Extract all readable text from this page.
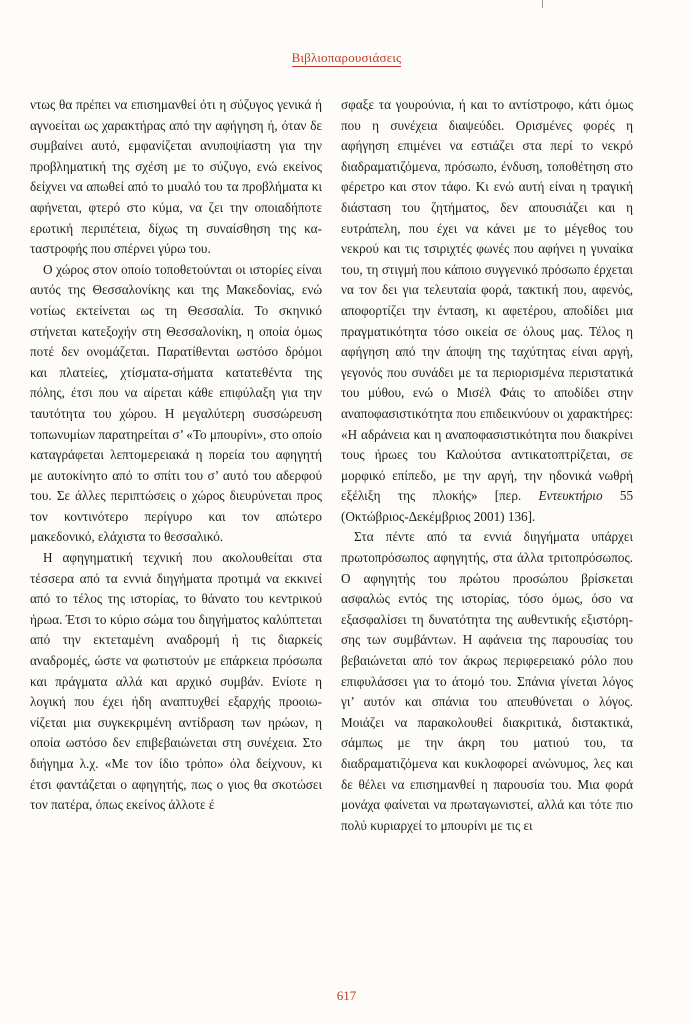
Βιβλιοπαρουσιάσεις

ντως θα πρέπει να επισημανθεί ότι η σύζυγος γενικά ή αγνοείται ως χαρακτήρας από την αφήγηση ή, όταν δε συμβαίνει αυτό, εμφανίζεται ανυποψίαστη για την προβληματική της σχέση με το σύζυγο, ενώ εκείνος δείχνει να απωθεί από το μυαλό του τα προβλήματα κι αφήνεται, φτερό στο κύμα, να ζει την οποιαδήποτε ερωτική περιπέτεια, δίχως τη συναίσθηση της καταστροφής που σπέρνει γύρω του.

Ο χώρος στον οποίο τοποθετούνται οι ιστορίες είναι αυτός της Θεσσαλονίκης και της Μακεδονίας, ενώ νοτίως εκτείνεται ως τη Θεσσαλία. Το σκηνικό στήνεται κατεξοχήν στη Θεσσαλονίκη, η οποία όμως ποτέ δεν ονομάζεται. Παρατίθενται ωστόσο δρόμοι και πλατείες, χτίσματα-σήματα κατατεθέντα της πόλης, έτσι που να αίρεται κάθε επιφύλαξη για την ταυτότητα του χώρου. Η μεγαλύτερη συσσώρευση τοπωνυμίων παρατηρείται σ’ «Το μπουρίνι», στο οποίο καταγράφεται λεπτομερειακά η πορεία του αφηγητή με αυτοκίνητο από το σπίτι του σ’ αυτό του αδερφού του. Σε άλλες περιπτώσεις ο χώρος διευρύνεται προς τον κοντινότερο περίγυρο και τον απώτερο μακεδονικό, ελάχιστα το θεσσαλικό.

Η αφηγηματική τεχνική που ακολουθείται στα τέσσερα από τα εννιά διηγήματα προτιμά να εκκινεί από το τέλος της ιστορίας, το θάνατο του κεντρικού ήρωα. Έτσι το κύριο σώμα του διηγήματος καλύπτεται από την εκτεταμένη αναδρομή ή τις διαρκείς αναδρομές, ώστε να φωτιστούν με επάρκεια πρόσωπα και πράγματα αλλά και αρχικό συμβάν. Ενίοτε η λογική που έχει ήδη αναπτυχθεί εξαρχής προοιωνίζεται μια συγκεκριμένη αντίδραση των ηρώων, η οποία ωστόσο δεν επιβεβαιώνεται στη συνέχεια. Στο διήγημα λ.χ. «Με τον ίδιο τρόπο» όλα δείχνουν, κι έτσι φαντάζεται ο αφηγητής, πως ο γιος θα σκοτώσει τον πατέρα, όπως εκείνος άλλοτε έ

σφαξε τα γουρούνια, ή και το αντίστροφο, κάτι όμως που η συνέχεια διαψεύδει. Ορισμένες φορές η αφήγηση επιμένει να εστιάζει στα περί το νεκρό διαδραματιζόμενα, πρόσωπο, ένδυση, τοποθέτηση στο φέρετρο και στον τάφο. Κι ενώ αυτή είναι η τραγική διάσταση του ζητήματος, δεν απουσιάζει και η ευτράπελη, που έχει να κάνει με το μέγεθος του νεκρού και τις τσιριχτές φωνές που αφήνει η γυναίκα του, τη στιγμή που κάποιο συγγενικό πρόσωπο έρχεται να τον δει για τελευταία φορά, τακτική που, αφενός, αποφορτίζει την ένταση, κι αφετέρου, αποδίδει μια πραγματικότητα τόσο οικεία σε όλους μας. Τέλος η αφήγηση από την άποψη της ταχύτητας είναι αργή, γεγονός που συνάδει με τα περιορισμένα περιστατικά του μύθου, ενώ ο Μισέλ Φάις το αποδίδει στην αναποφασιστικότητα που επιδεικνύουν οι χαρακτήρες: «Η αδράνεια και η αναποφασιστικότητα που διακρίνει τους ήρωες του Καλούτσα αντικατοπτρίζεται, σε μορφικό επίπεδο, με την αργή, την ηδονικά νωθρή εξέλιξη της πλοκής» [περ. Εντευκτήριο 55 (Οκτώβριος-Δεκέμβριος 2001) 136].

Στα πέντε από τα εννιά διηγήματα υπάρχει πρωτοπρόσωπος αφηγητής, στα άλλα τριτοπρόσωπος. Ο αφηγητής του πρώτου προσώπου βρίσκεται ασφαλώς εντός της ιστορίας, τόσο όμως, όσο να εξασφαλίσει τη δυνατότητα της αυθεντικής εξιστόρησης των συμβάντων. Η αφάνεια της παρουσίας του βεβαιώνεται από τον άκρως περιφερειακό ρόλο που επιφυλάσσει για το άτομό του. Σπάνια γίνεται λόγος γι’ αυτόν και σπάνια του απευθύνεται ο λόγος. Μοιάζει να παρακολουθεί διακριτικά, διστακτικά, σάμπως με την άκρη του ματιού του, τα διαδραματιζόμενα και κυκλοφορεί ανώνυμος, λες και δε θέλει να επισημανθεί η παρουσία του. Μια φορά μονάχα φαίνεται να πρωταγωνιστεί, αλλά και τότε πιο πολύ κυριαρχεί το μπουρίνι με τις ει

617
